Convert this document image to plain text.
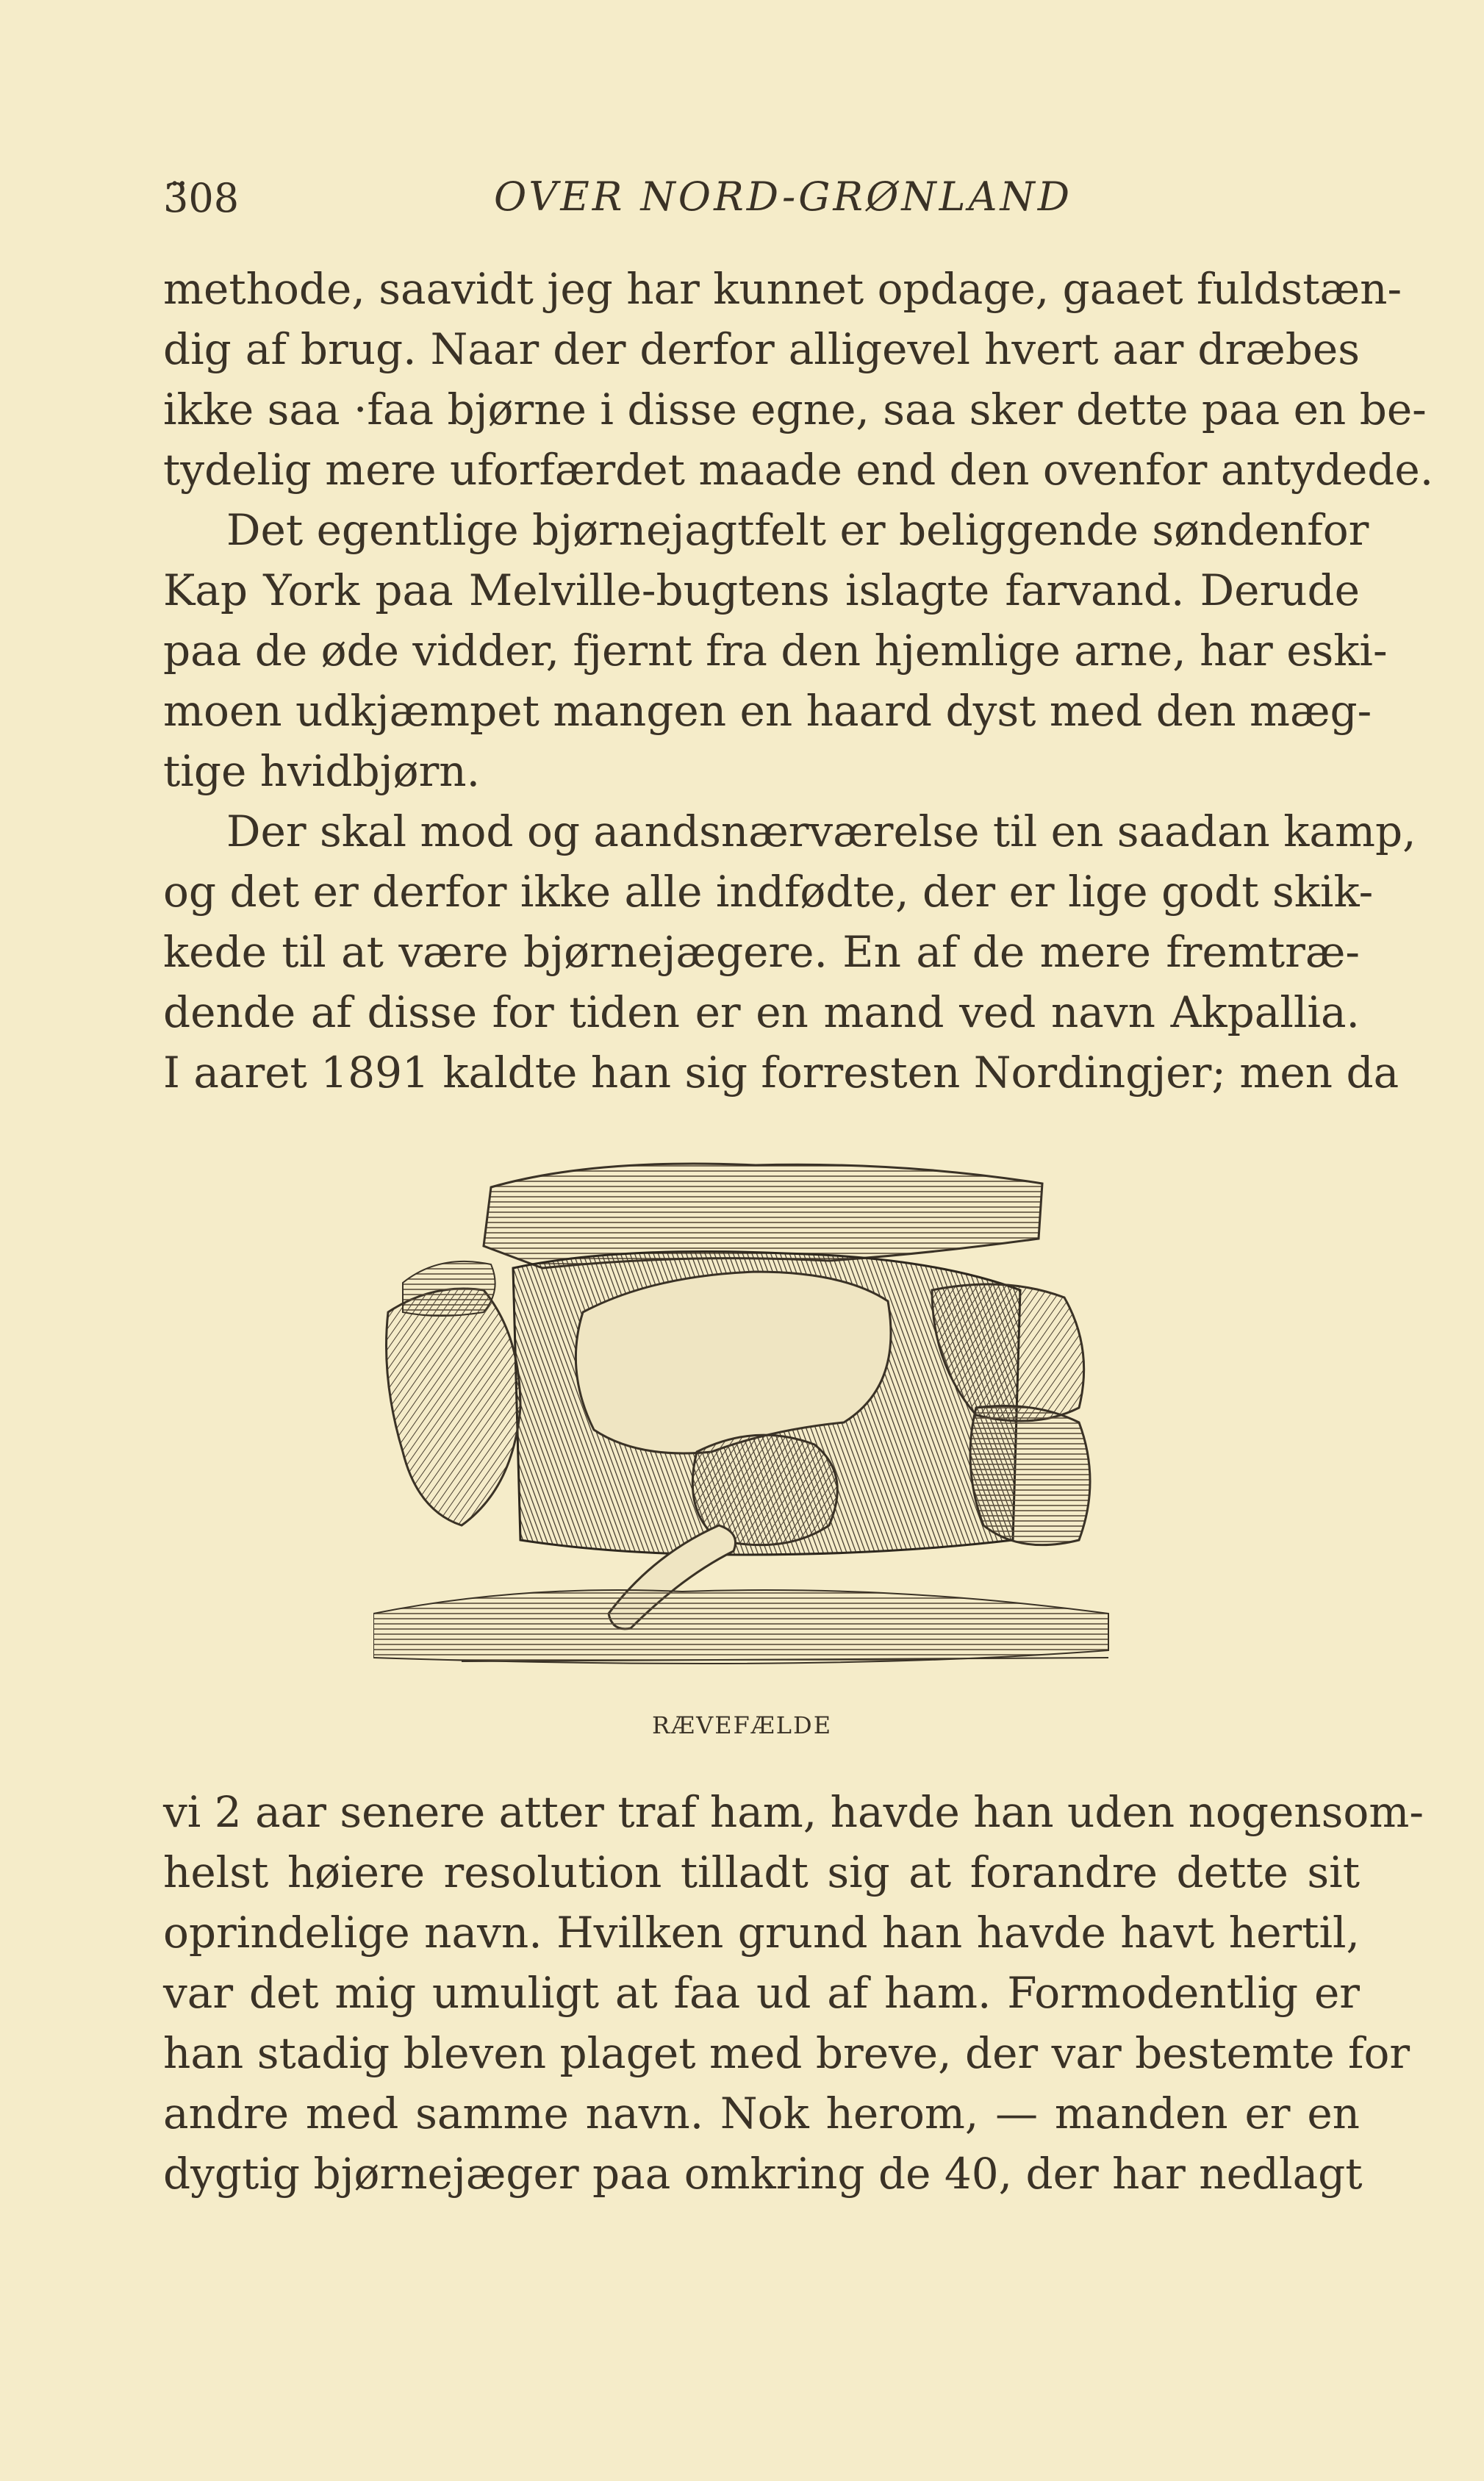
3̈08	OVER NORD-GRØNLAND
methode, saavidt jeg har kunnet opdage, gaaet fuldstæn-
dig af brug. Naar der derfor alligevel hvert aar dræbes
ikke saa ·faa bjørne i disse egne, saa sker dette paa en be-
tydelig mere uforfærdet maade end den ovenfor antydede.
Det egentlige bjørnejagtfelt er beliggende søndenfor
Kap York paa Melville-bugtens islagte farvand. Derude
paa de øde vidder, fjernt fra den hjemlige arne, har eski-
moen udkjæmpet mangen en haard dyst med den mæg-
tige hvidbjørn.
Der skal mod og aandsnærværelse til en saadan kamp,
og det er derfor ikke alle indfødte, der er lige godt skik-
kede til at være bjørnejægere. En af de mere fremtræ-
dende af disse for tiden er en mand ved navn Akpallia.
I aaret 1891 kaldte han sig forresten Nordingjer; men da
RÆVEFÆLDE
vi 2 aar senere atter traf ham, havde han uden nogensom-
helst høiere resolution tilladt sig at forandre dette sit
oprindelige navn. Hvilken grund han havde havt hertil,
var det mig umuligt at faa ud af ham. Formodentlig er
han stadig bleven plaget med breve, der var bestemte for
andre med samme navn. Nok herom, — manden er en
dygtig bjørnejæger paa omkring de 40, der har nedlagt
